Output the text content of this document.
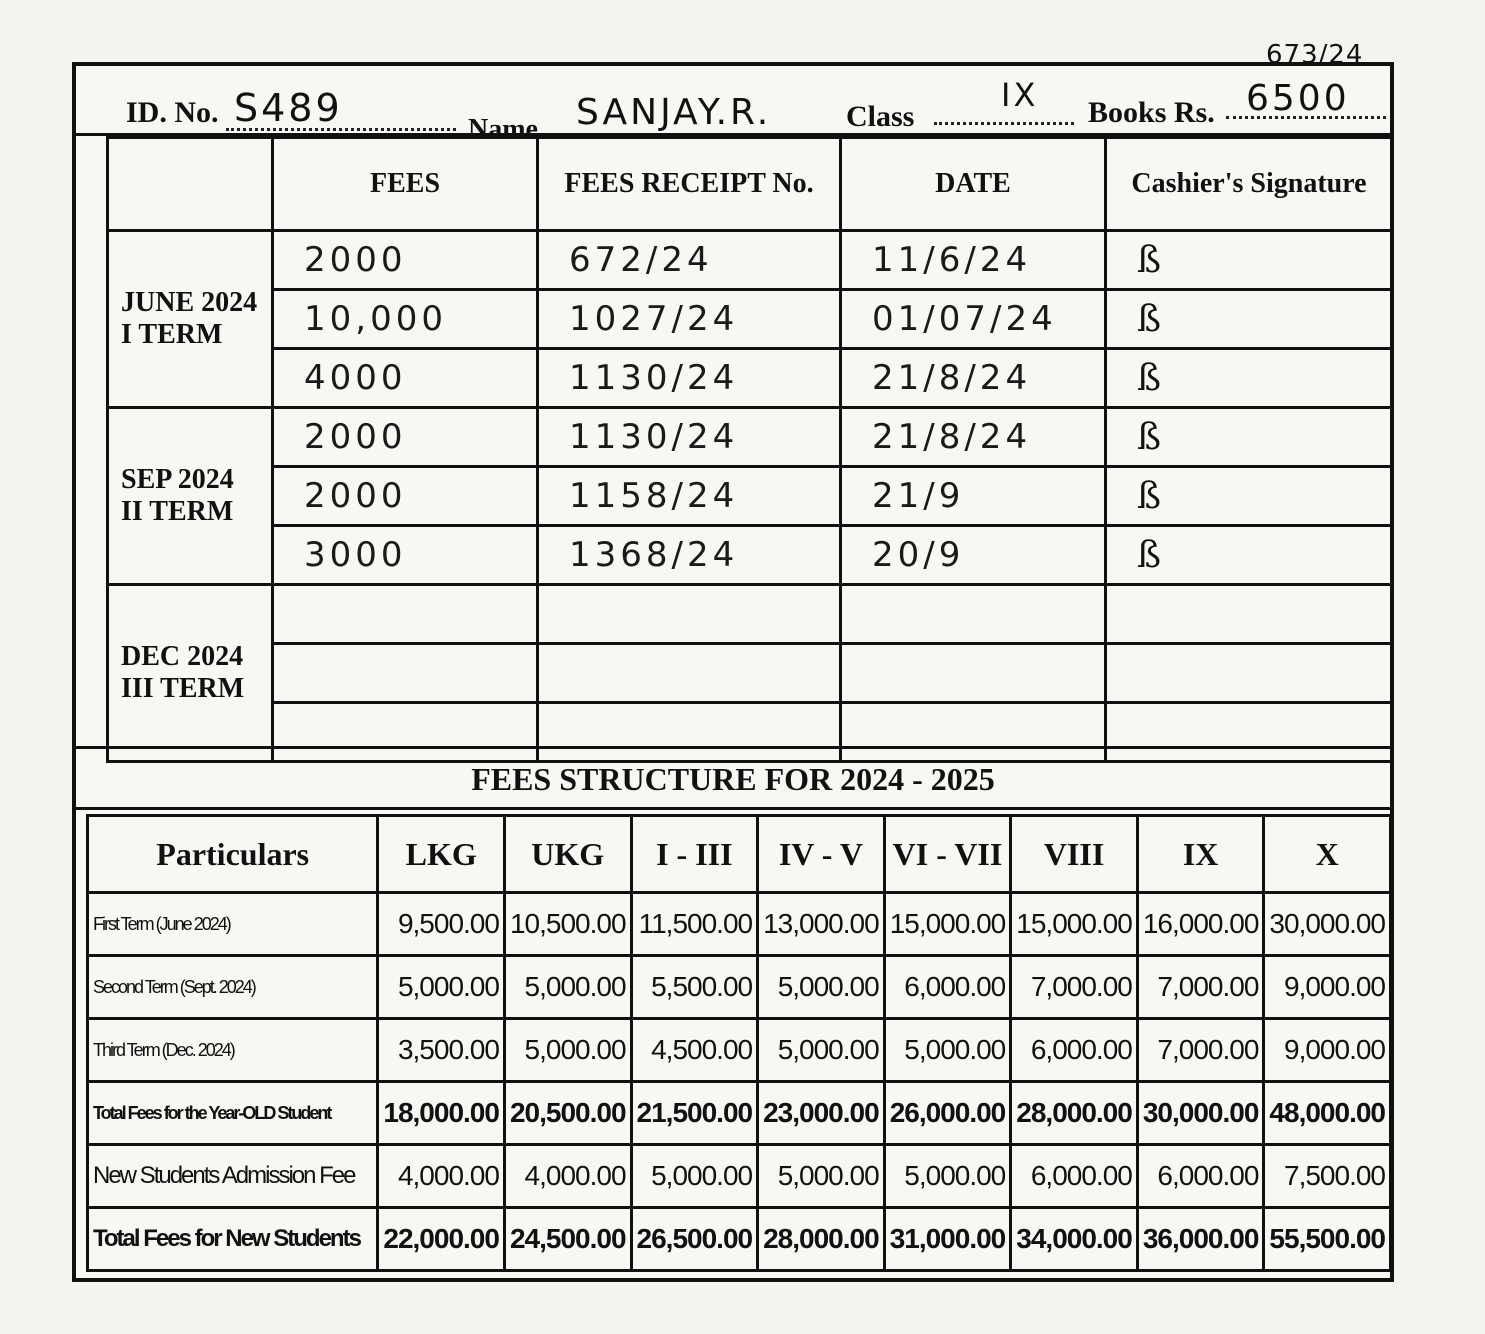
ID. No. S489	Name SANJAY.R. Class
IX Books Rs. 6500
673/24
	FEES	FEES RECEIPT No.	DATE	Cashier's Signature

JUNE 2024
I TERM	2000	672/24	11/6/24	ß
	10,000	1027/24	01/07/24	ß
	4000	1130/24	21/8/24	ß

SEP 2024
II TERM	2000	1130/24	21/8/24	ß
	2000	1158/24	21/9	ß
	3000	1368/24	20/9	ß

DEC 2024
III TERM				

FEES STRUCTURE FOR 2024 - 2025
Particulars	LKG	UKG	I - III	IV - V	VI - VII	VIII	IX	X
First Term (June 2024)	9,500.00	10,500.00	11,500.00	13,000.00	15,000.00	15,000.00	16,000.00	30,000.00
Second Term (Sept. 2024)	5,000.00	5,000.00	5,500.00	5,000.00	6,000.00	7,000.00	7,000.00	9,000.00
Third Term (Dec. 2024)	3,500.00	5,000.00	4,500.00	5,000.00	5,000.00	6,000.00	7,000.00	9,000.00
Total Fees for the Year-OLD Student	18,000.00	20,500.00	21,500.00	23,000.00	26,000.00	28,000.00	30,000.00	48,000.00
New Students Admission Fee	4,000.00	4,000.00	5,000.00	5,000.00	5,000.00	6,000.00	6,000.00	7,500.00
Total Fees for New Students	22,000.00	24,500.00	26,500.00	28,000.00	31,000.00	34,000.00	36,000.00	55,500.00
